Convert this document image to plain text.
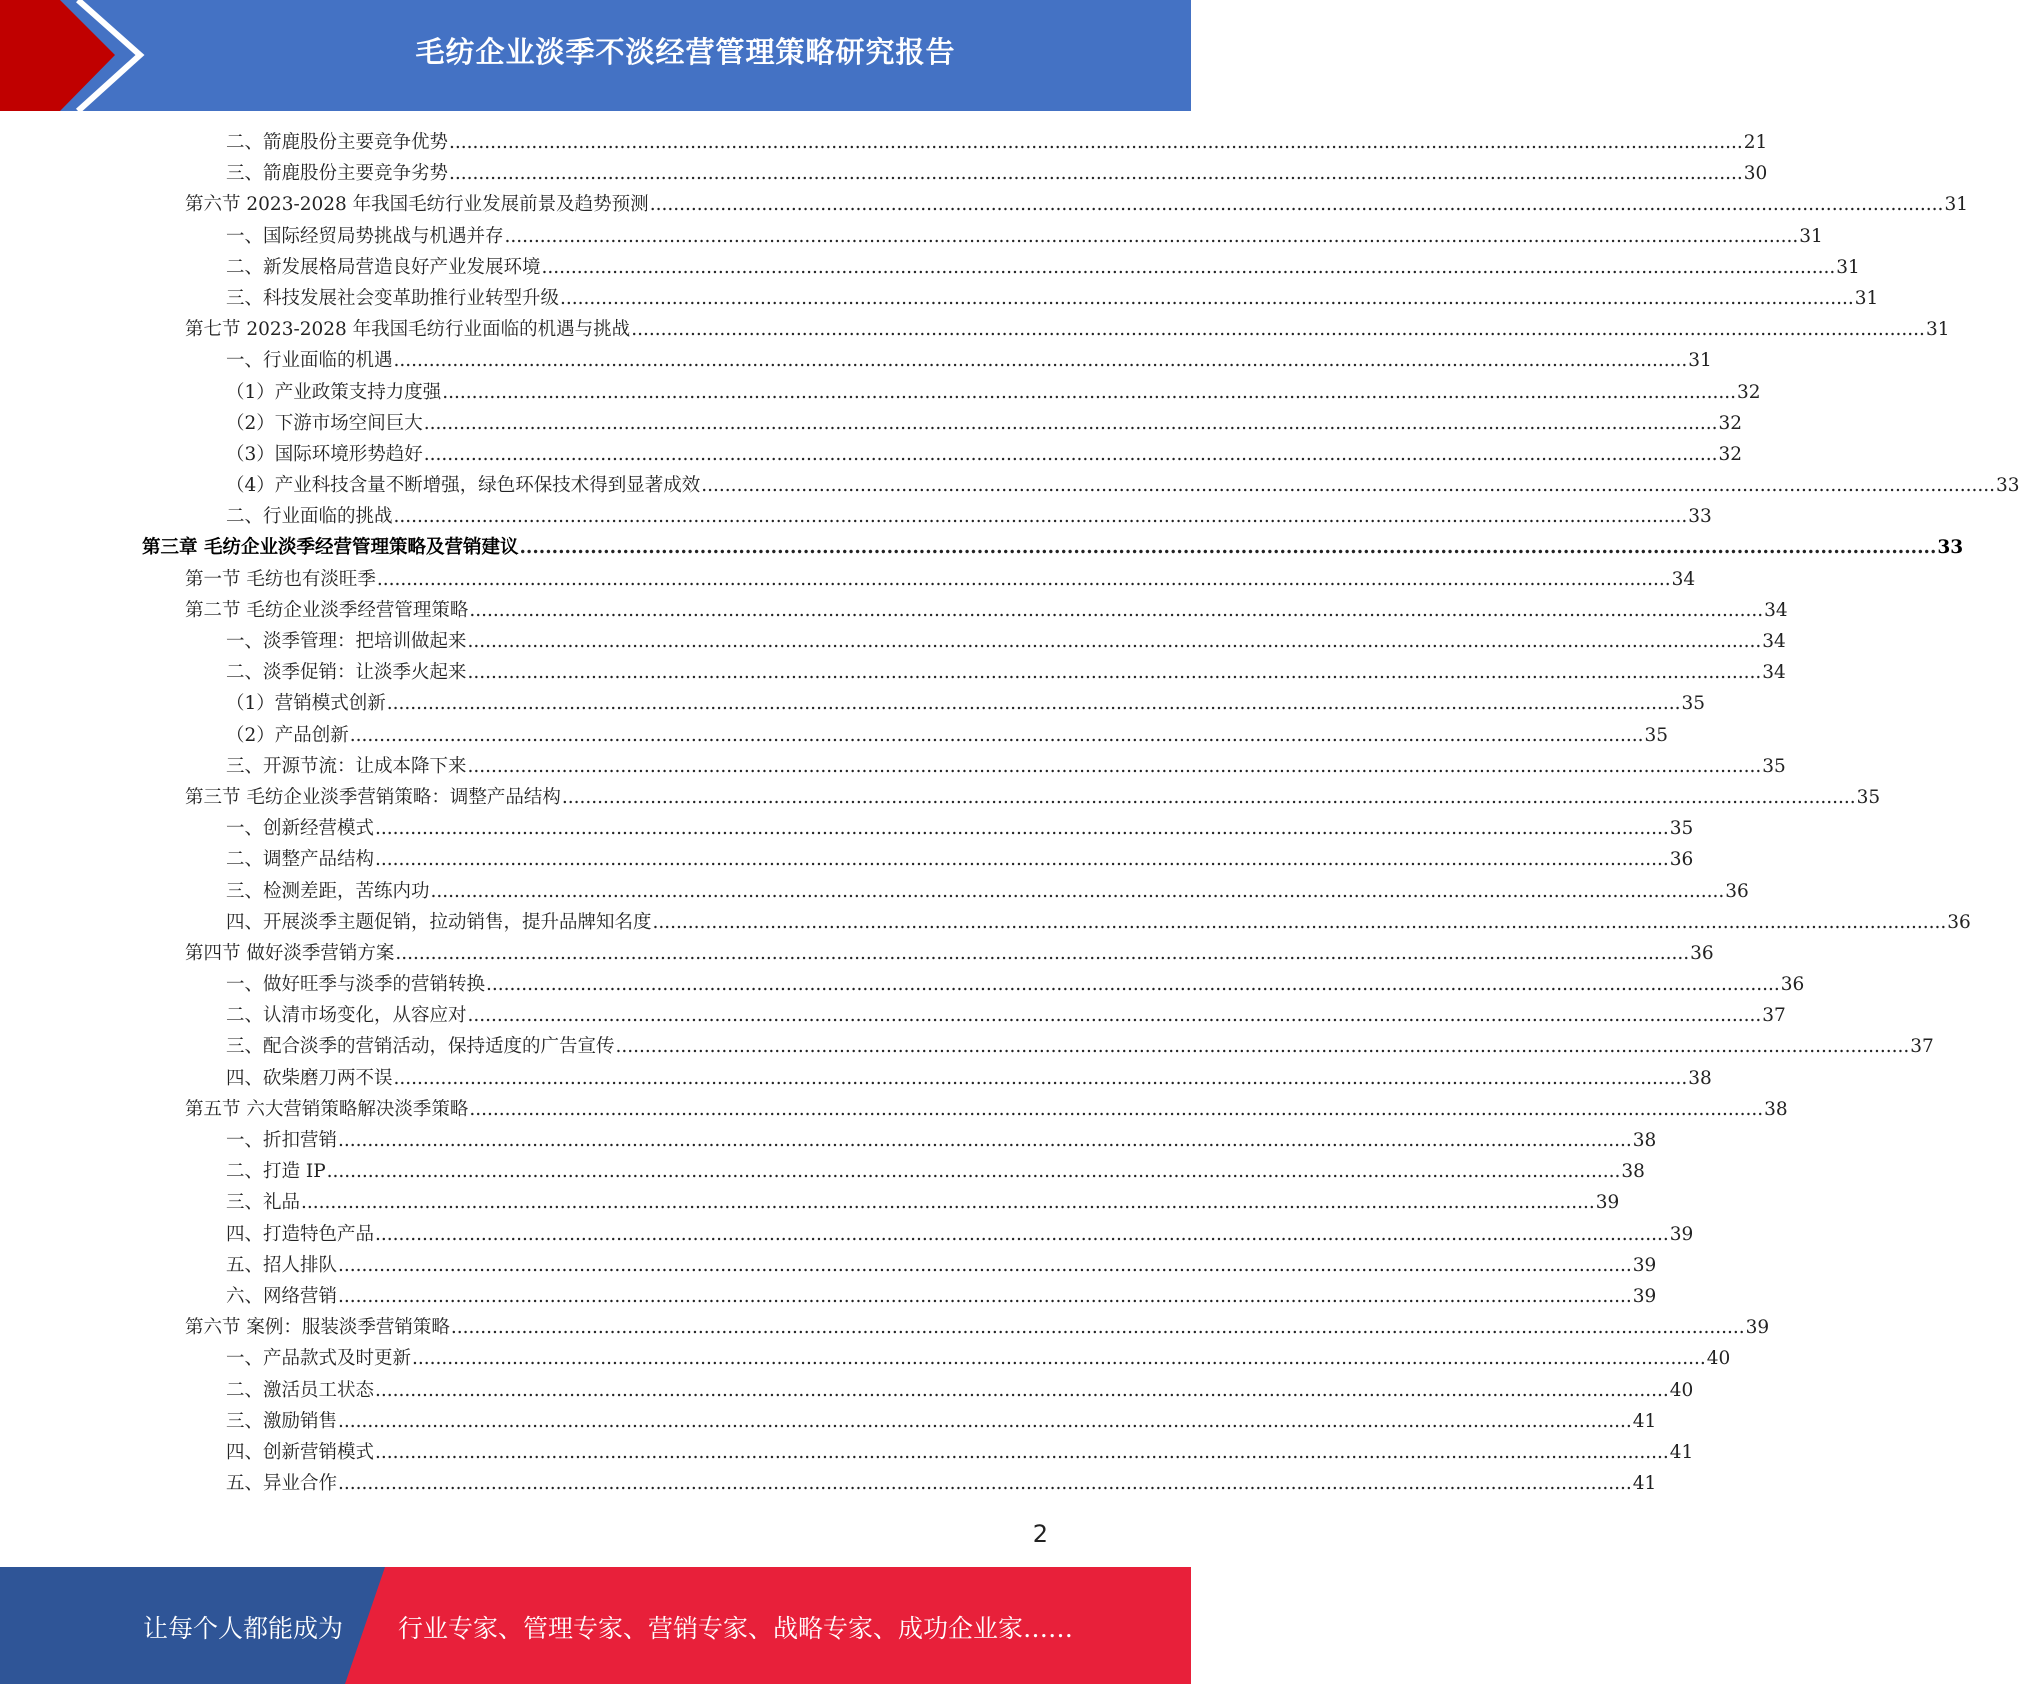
毛纺企业淡季不淡经营管理策略研究报告
二、箭鹿股份主要竞争优势 ............................................................................................................................................................................................................................ 21
三、箭鹿股份主要竞争劣势 ............................................................................................................................................................................................................................ 30
第六节 2023-2028 年我国毛纺行业发展前景及趋势预测 ............................................................................................................................................................................................................................ 31
一、国际经贸局势挑战与机遇并存 ............................................................................................................................................................................................................................ 31
二、新发展格局营造良好产业发展环境 ............................................................................................................................................................................................................................ 31
三、科技发展社会变革助推行业转型升级 ............................................................................................................................................................................................................................ 31
第七节 2023-2028 年我国毛纺行业面临的机遇与挑战 ............................................................................................................................................................................................................................ 31
一、行业面临的机遇 ............................................................................................................................................................................................................................ 31
（1）产业政策支持力度强 ............................................................................................................................................................................................................................ 32
（2）下游市场空间巨大 ............................................................................................................................................................................................................................ 32
（3）国际环境形势趋好 ............................................................................................................................................................................................................................ 32
（4）产业科技含量不断增强，绿色环保技术得到显著成效 ............................................................................................................................................................................................................................ 33
二、行业面临的挑战 ............................................................................................................................................................................................................................ 33
第三章 毛纺企业淡季经营管理策略及营销建议 ............................................................................................................................................................................................................................ 33
第一节 毛纺也有淡旺季 ............................................................................................................................................................................................................................ 34
第二节 毛纺企业淡季经营管理策略 ............................................................................................................................................................................................................................ 34
一、淡季管理：把培训做起来 ............................................................................................................................................................................................................................ 34
二、淡季促销：让淡季火起来 ............................................................................................................................................................................................................................ 34
（1）营销模式创新 ............................................................................................................................................................................................................................ 35
（2）产品创新 ............................................................................................................................................................................................................................ 35
三、开源节流：让成本降下来 ............................................................................................................................................................................................................................ 35
第三节 毛纺企业淡季营销策略：调整产品结构 ............................................................................................................................................................................................................................ 35
一、创新经营模式 ............................................................................................................................................................................................................................ 35
二、调整产品结构 ............................................................................................................................................................................................................................ 36
三、检测差距，苦练内功 ............................................................................................................................................................................................................................ 36
四、开展淡季主题促销，拉动销售，提升品牌知名度 ............................................................................................................................................................................................................................ 36
第四节 做好淡季营销方案 ............................................................................................................................................................................................................................ 36
一、做好旺季与淡季的营销转换 ............................................................................................................................................................................................................................ 36
二、认清市场变化，从容应对 ............................................................................................................................................................................................................................ 37
三、配合淡季的营销活动，保持适度的广告宣传 ............................................................................................................................................................................................................................ 37
四、砍柴磨刀两不误 ............................................................................................................................................................................................................................ 38
第五节 六大营销策略解决淡季策略 ............................................................................................................................................................................................................................ 38
一、折扣营销 ............................................................................................................................................................................................................................ 38
二、打造 IP ............................................................................................................................................................................................................................ 38
三、礼品 ............................................................................................................................................................................................................................ 39
四、打造特色产品 ............................................................................................................................................................................................................................ 39
五、招人排队 ............................................................................................................................................................................................................................ 39
六、网络营销 ............................................................................................................................................................................................................................ 39
第六节 案例：服装淡季营销策略 ............................................................................................................................................................................................................................ 39
一、产品款式及时更新 ............................................................................................................................................................................................................................ 40
二、激活员工状态 ............................................................................................................................................................................................................................ 40
三、激励销售 ............................................................................................................................................................................................................................ 41
四、创新营销模式 ............................................................................................................................................................................................................................ 41
五、异业合作 ............................................................................................................................................................................................................................ 41
2
让每个人都能成为 行业专家、管理专家、营销专家、战略专家、成功企业家……
